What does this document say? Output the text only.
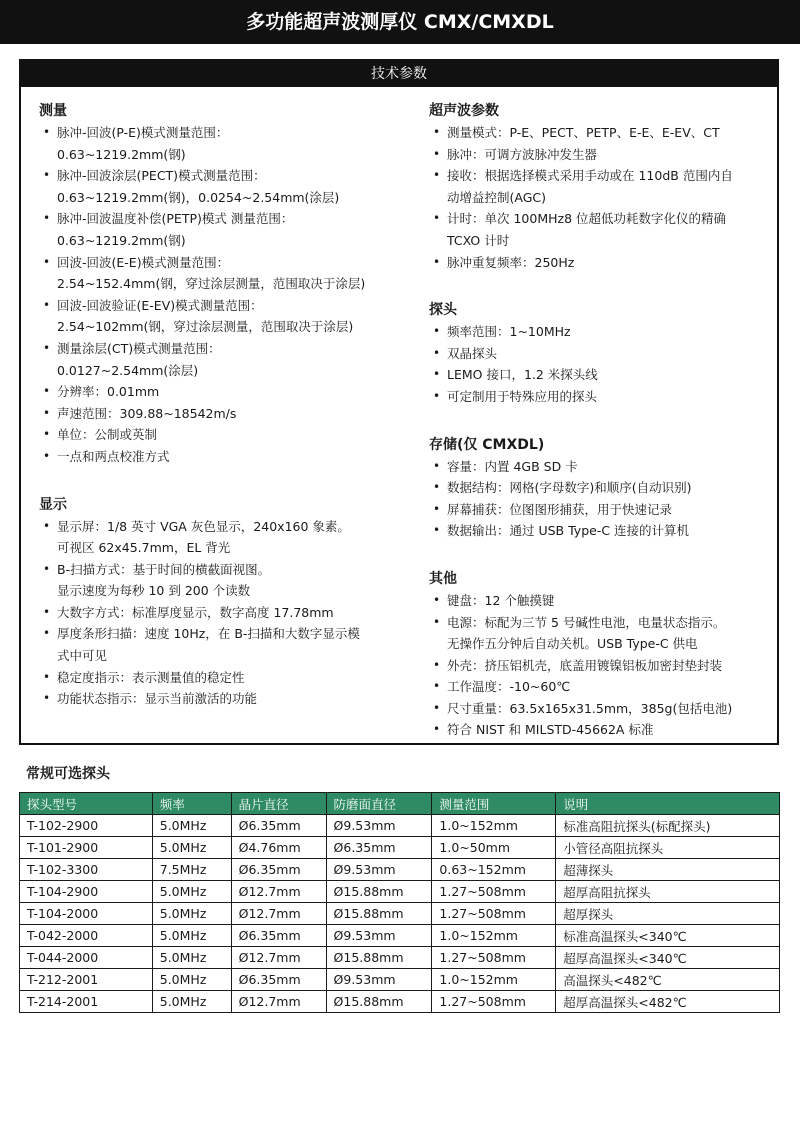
多功能超声波测厚仪 CMX/CMXDL
技术参数
测量
• 脉冲-回波(P-E)模式测量范围：
0.63~1219.2mm(钢)
• 脉冲-回波涂层(PECT)模式测量范围：
0.63~1219.2mm(钢)，0.0254~2.54mm(涂层)
• 脉冲-回波温度补偿(PETP)模式 测量范围：
0.63~1219.2mm(钢)
• 回波-回波(E-E)模式测量范围：
2.54~152.4mm(钢，穿过涂层测量，范围取决于涂层)
• 回波-回波验证(E-EV)模式测量范围：
2.54~102mm(钢，穿过涂层测量，范围取决于涂层)
• 测量涂层(CT)模式测量范围：
0.0127~2.54mm(涂层)
• 分辨率：0.01mm
• 声速范围：309.88~18542m/s
• 单位：公制或英制
• 一点和两点校准方式
显示
• 显示屏：1/8 英寸 VGA 灰色显示，240x160 象素。
可视区 62x45.7mm，EL 背光
• B-扫描方式：基于时间的横截面视图。
显示速度为每秒 10 到 200 个读数
• 大数字方式：标准厚度显示，数字高度 17.78mm
• 厚度条形扫描：速度 10Hz，在 B-扫描和大数字显示模
式中可见
• 稳定度指示：表示测量值的稳定性
• 功能状态指示：显示当前激活的功能
超声波参数
• 测量模式：P-E、PECT、PETP、E-E、E-EV、CT
• 脉冲：可调方波脉冲发生器
• 接收：根据选择模式采用手动或在 110dB 范围内自
动增益控制(AGC)
• 计时：单次 100MHz8 位超低功耗数字化仪的精确
TCXO 计时
• 脉冲重复频率：250Hz
探头
• 频率范围：1~10MHz
• 双晶探头
• LEMO 接口，1.2 米探头线
• 可定制用于特殊应用的探头
存储(仅 CMXDL)
• 容量：内置 4GB SD 卡
• 数据结构：网格(字母数字)和顺序(自动识别)
• 屏幕捕获：位图图形捕获，用于快速记录
• 数据输出：通过 USB Type-C 连接的计算机
其他
• 键盘：12 个触摸键
• 电源：标配为三节 5 号碱性电池，电量状态指示。
无操作五分钟后自动关机。USB Type-C 供电
• 外壳：挤压铝机壳，底盖用镀镍铝板加密封垫封装
• 工作温度：-10~60℃
• 尺寸重量：63.5x165x31.5mm，385g(包括电池)
• 符合 NIST 和 MILSTD-45662A 标准
常规可选探头
探头型号	频率	晶片直径	防磨面直径	测量范围	说明
T-102-2900	5.0MHz	Ø6.35mm	Ø9.53mm	1.0~152mm	标准高阻抗探头(标配探头)
T-101-2900	5.0MHz	Ø4.76mm	Ø6.35mm	1.0~50mm	小管径高阻抗探头
T-102-3300	7.5MHz	Ø6.35mm	Ø9.53mm	0.63~152mm	超薄探头
T-104-2900	5.0MHz	Ø12.7mm	Ø15.88mm	1.27~508mm	超厚高阻抗探头
T-104-2000	5.0MHz	Ø12.7mm	Ø15.88mm	1.27~508mm	超厚探头
T-042-2000	5.0MHz	Ø6.35mm	Ø9.53mm	1.0~152mm	标准高温探头<340℃
T-044-2000	5.0MHz	Ø12.7mm	Ø15.88mm	1.27~508mm	超厚高温探头<340℃
T-212-2001	5.0MHz	Ø6.35mm	Ø9.53mm	1.0~152mm	高温探头<482℃
T-214-2001	5.0MHz	Ø12.7mm	Ø15.88mm	1.27~508mm	超厚高温探头<482℃
